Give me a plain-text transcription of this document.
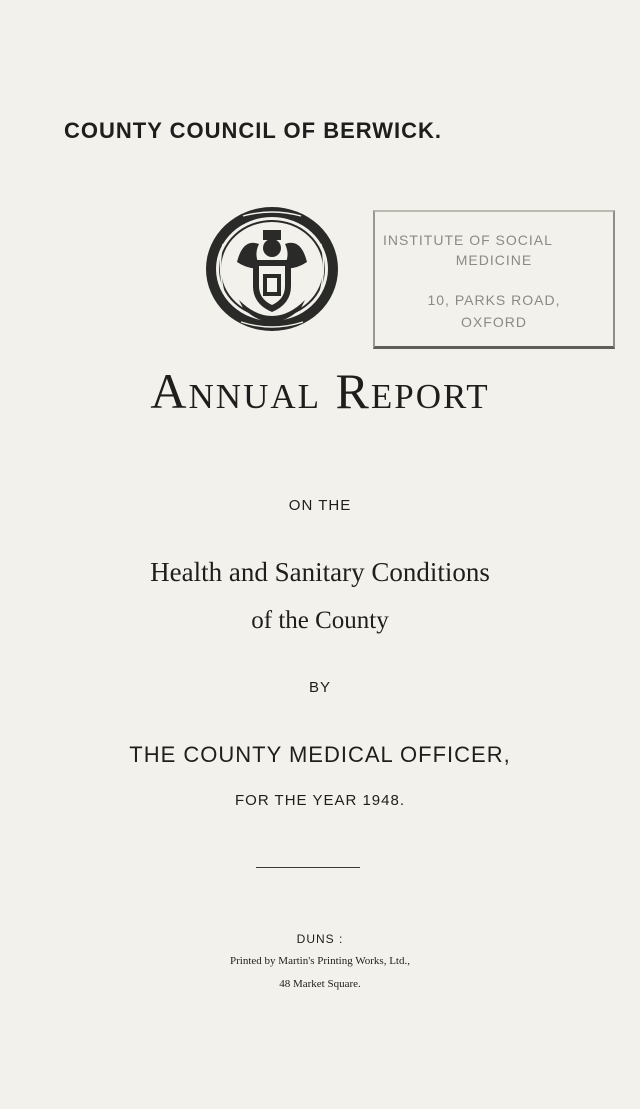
COUNTY COUNCIL OF BERWICK.
INSTITUTE OF SOCIAL
MEDICINE
10, PARKS ROAD,
OXFORD
Annual Report
ON THE
Health and Sanitary Conditions
of the County
BY
THE COUNTY MEDICAL OFFICER,
FOR THE YEAR 1948.
DUNS :
Printed by Martin's Printing Works, Ltd.,
48 Market Square.
